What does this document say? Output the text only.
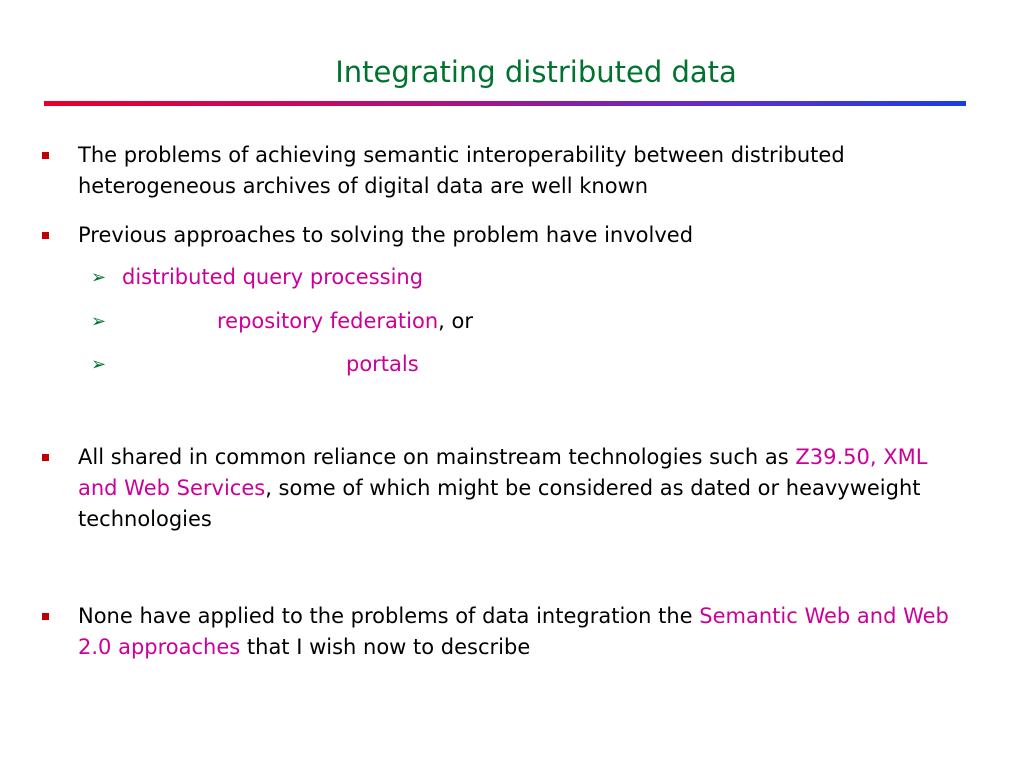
Integrating distributed data
The problems of achieving semantic interoperability between distributed heterogeneous archives of digital data are well known
Previous approaches to solving the problem have involved
➢ distributed query processing
➢	repository federation, or
➢	portals
All shared in common reliance on mainstream technologies such as Z39.50, XML and Web Services, some of which might be considered as dated or heavyweight technologies
None have applied to the problems of data integration the Semantic Web and Web 2.0 approaches that I wish now to describe
